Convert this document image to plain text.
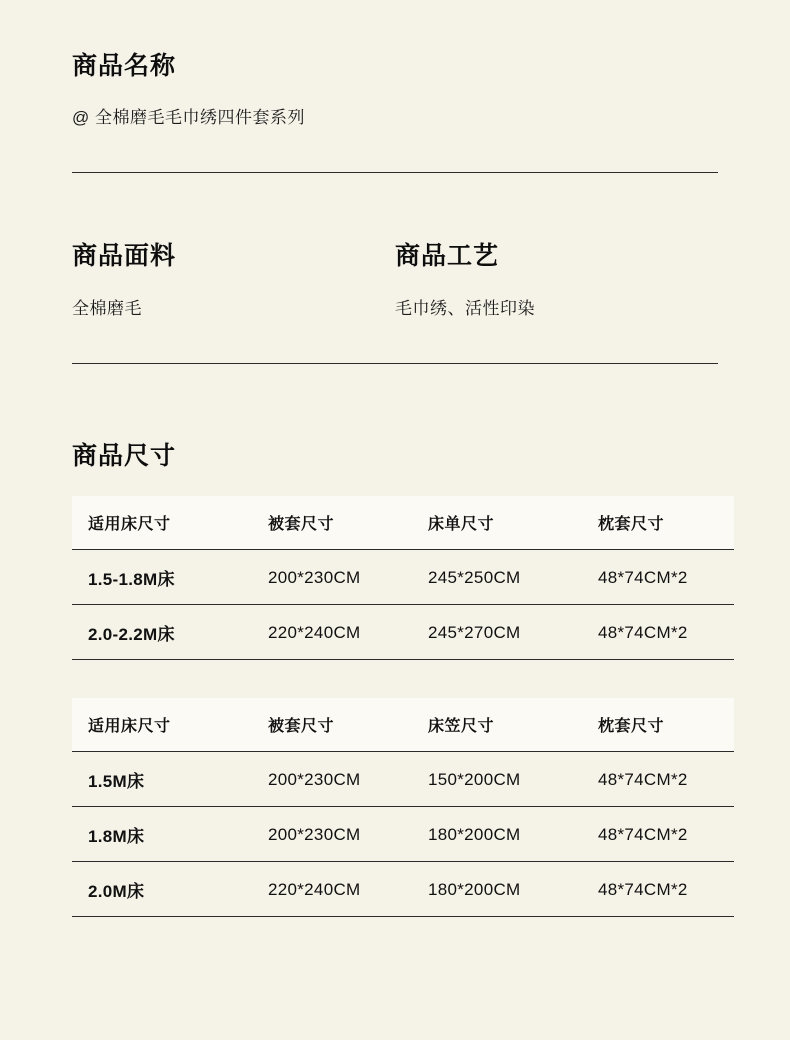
商品名称

@ 全棉磨毛毛巾绣四件套系列

商品面料

全棉磨毛

商品工艺

毛巾绣、活性印染

商品尺寸
适用床尺寸	被套尺寸	床单尺寸	枕套尺寸
1.5-1.8M床	200*230CM	245*250CM	48*74CM*2
2.0-2.2M床	220*240CM	245*270CM	48*74CM*2
适用床尺寸	被套尺寸	床笠尺寸	枕套尺寸
1.5M床	200*230CM	150*200CM	48*74CM*2
1.8M床	200*230CM	180*200CM	48*74CM*2
2.0M床	220*240CM	180*200CM	48*74CM*2
